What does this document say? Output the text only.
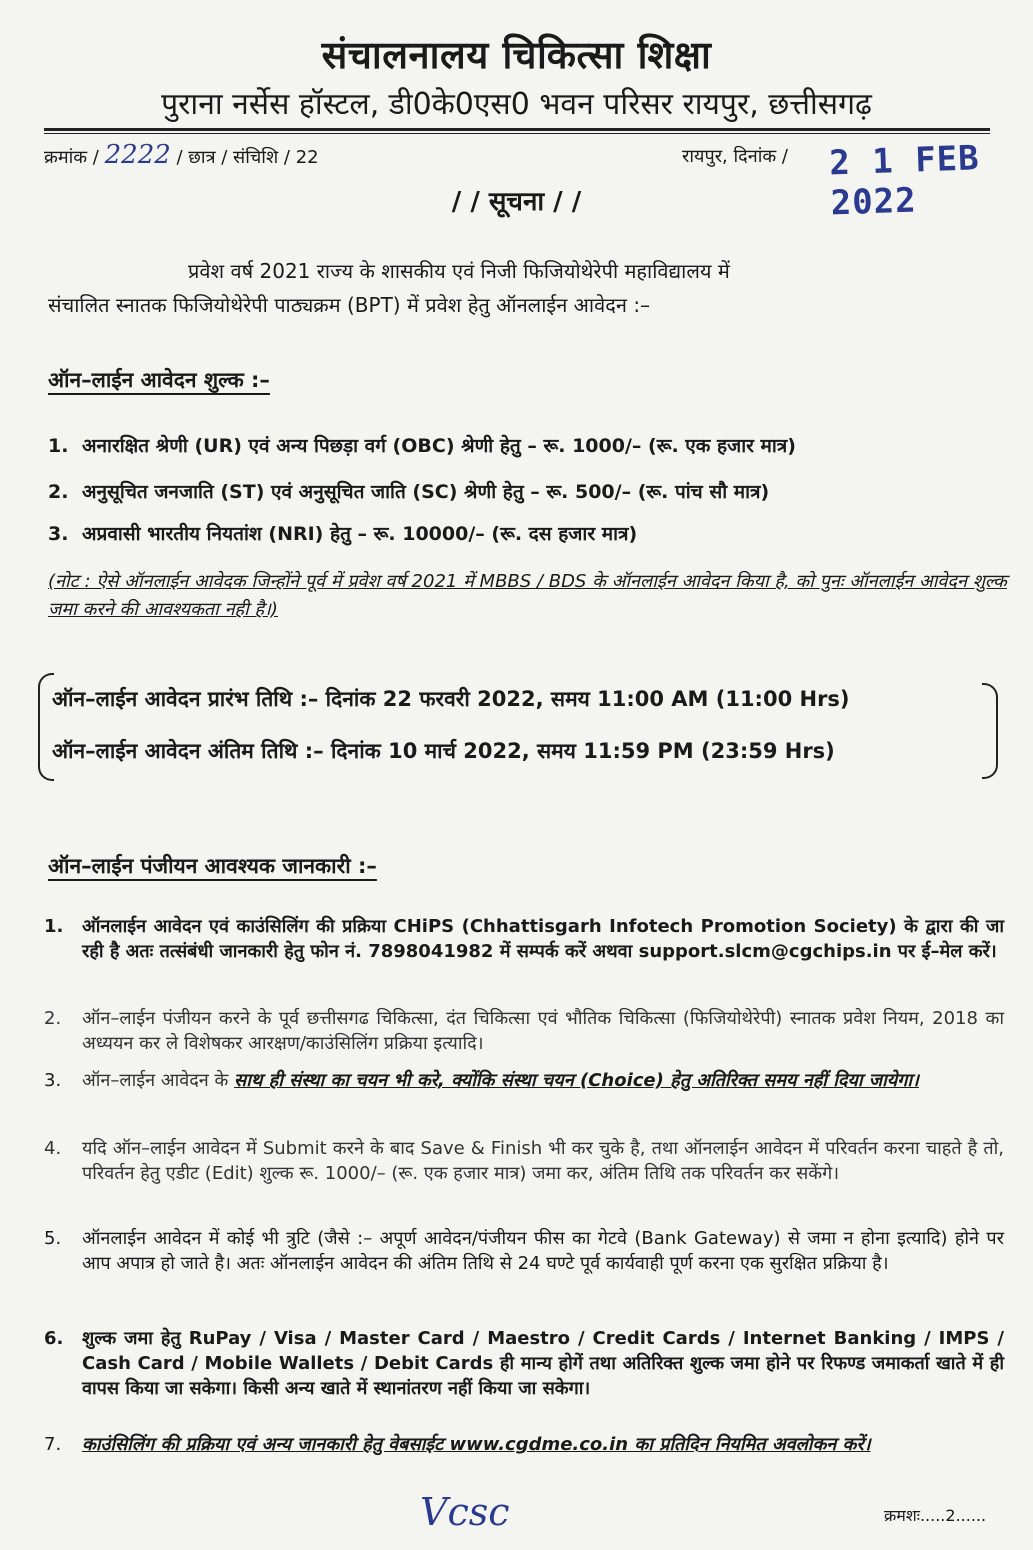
संचालनालय चिकित्सा शिक्षा
पुराना नर्सेस हॉस्टल, डी0के0एस0 भवन परिसर रायपुर, छत्तीसगढ़
क्रमांक / 2222 / छात्र / संचिशि / 22	रायपुर, दिनांक / 2 1 FEB 2022
/ / सूचना / /
प्रवेश वर्ष 2021 राज्य के शासकीय एवं निजी फिजियोथेरेपी महाविद्यालय में
संचालित स्नातक फिजियोथेरेपी पाठ्यक्रम (BPT) में प्रवेश हेतु ऑनलाईन आवेदन :–
ऑन–लाईन आवेदन शुल्क :–
1. अनारक्षित श्रेणी (UR) एवं अन्य पिछड़ा वर्ग (OBC) श्रेणी हेतु – रू. 1000/– (रू. एक हजार मात्र)
2. अनुसूचित जनजाति (ST) एवं अनुसूचित जाति (SC) श्रेणी हेतु – रू. 500/– (रू. पांच सौ मात्र)
3. अप्रवासी भारतीय नियतांश (NRI) हेतु – रू. 10000/– (रू. दस हजार मात्र)
(नोट : ऐसे ऑनलाईन आवेदक जिन्होंने पूर्व में प्रवेश वर्ष 2021 में MBBS / BDS के ऑनलाईन आवेदन किया है, को पुनः ऑनलाईन आवेदन शुल्क जमा करने की आवश्यकता नही है।)
ऑन–लाईन आवेदन प्रारंभ तिथि :– दिनांक 22 फरवरी 2022, समय 11:00 AM (11:00 Hrs)
ऑन–लाईन आवेदन अंतिम तिथि :– दिनांक 10 मार्च 2022, समय 11:59 PM (23:59 Hrs)
ऑन–लाईन पंजीयन आवश्यक जानकारी :–
1.	ऑनलाईन आवेदन एवं काउंसिलिंग की प्रक्रिया CHiPS (Chhattisgarh Infotech Promotion Society) के द्वारा की जा रही है अतः तत्संबंधी जानकारी हेतु फोन नं. 7898041982 में सम्पर्क करें अथवा support.slcm@cgchips.in पर ई–मेल करें।
2.	ऑन–लाईन पंजीयन करने के पूर्व छत्तीसगढ चिकित्सा, दंत चिकित्सा एवं भौतिक चिकित्सा (फिजियोथेरेपी) स्नातक प्रवेश नियम, 2018 का अध्ययन कर ले विशेषकर आरक्षण/काउंसिलिंग प्रक्रिया इत्यादि।
3.	ऑन–लाईन आवेदन के साथ ही संस्था का चयन भी करे, क्योंकि संस्था चयन (Choice) हेतु अतिरिक्त समय नहीं दिया जायेगा।
4.	यदि ऑन–लाईन आवेदन में Submit करने के बाद Save & Finish भी कर चुके है, तथा ऑनलाईन आवेदन में परिवर्तन करना चाहते है तो, परिवर्तन हेतु एडीट (Edit) शुल्क रू. 1000/– (रू. एक हजार मात्र) जमा कर, अंतिम तिथि तक परिवर्तन कर सकेंगे।
5.	ऑनलाईन आवेदन में कोई भी त्रुटि (जैसे :– अपूर्ण आवेदन/पंजीयन फीस का गेटवे (Bank Gateway) से जमा न होना इत्यादि) होने पर आप अपात्र हो जाते है। अतः ऑनलाईन आवेदन की अंतिम तिथि से 24 घण्टे पूर्व कार्यवाही पूर्ण करना एक सुरक्षित प्रक्रिया है।
6.	शुल्क जमा हेतु RuPay / Visa / Master Card / Maestro / Credit Cards / Internet Banking / IMPS / Cash Card / Mobile Wallets / Debit Cards ही मान्य होगें तथा अतिरिक्त शुल्क जमा होने पर रिफण्ड जमाकर्ता खाते में ही वापस किया जा सकेगा। किसी अन्य खाते में स्थानांतरण नहीं किया जा सकेगा।
7.	काउंसिलिंग की प्रक्रिया एवं अन्य जानकारी हेतु वेबसाईट www.cgdme.co.in का प्रतिदिन नियमित अवलोकन करें।
Vcsc	क्रमशः.....2......
